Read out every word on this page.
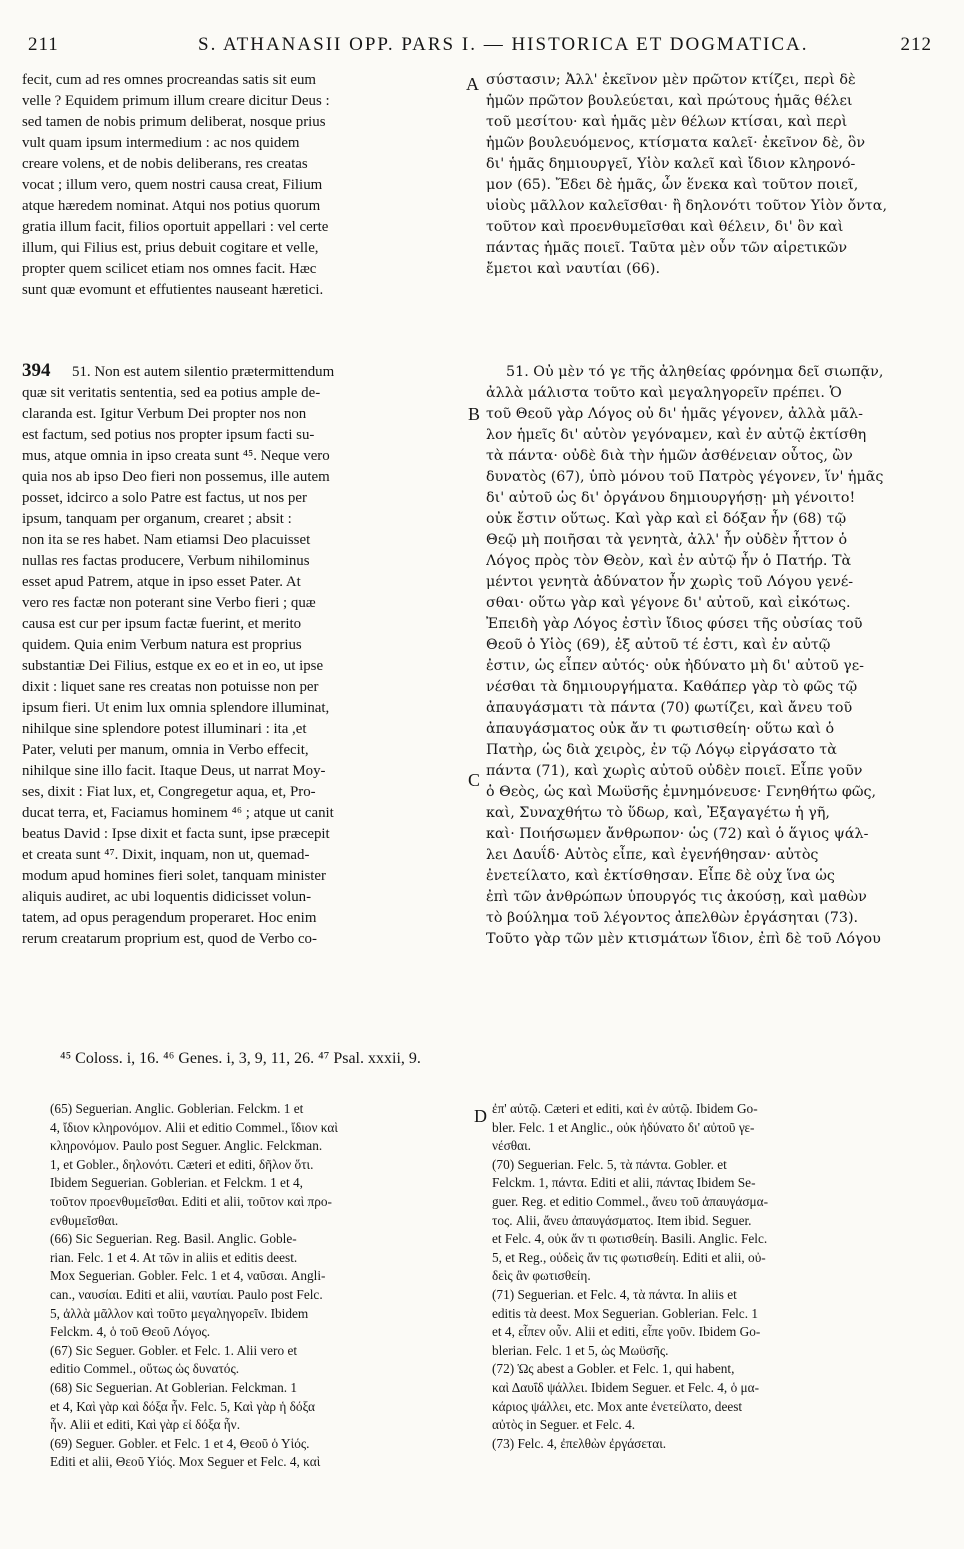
211	S. ATHANASII OPP. PARS I. — HISTORICA ET DOGMATICA.	212
A
B
C
D
fecit, cum ad res omnes procreandas satis sit eum
velle ? Equidem primum illum creare dicitur Deus :
sed tamen de nobis primum deliberat, nosque prius
vult quam ipsum intermedium : ac nos quidem
creare volens, et de nobis deliberans, res creatas
vocat ; illum vero, quem nostri causa creat, Filium
atque hæredem nominat. Atqui nos potius quorum
gratia illum facit, filios oportuit appellari : vel certe
illum, qui Filius est, prius debuit cogitare et velle,
propter quem scilicet etiam nos omnes facit. Hæc
sunt quæ evomunt et effutientes nauseant hæretici.
σύστασιν; Ἀλλ' ἐκεῖνον μὲν πρῶτον κτίζει, περὶ δὲ
ἡμῶν πρῶτον βουλεύεται, καὶ πρώτους ἡμᾶς θέλει
τοῦ μεσίτου· καὶ ἡμᾶς μὲν θέλων κτίσαι, καὶ περὶ
ἡμῶν βουλευόμενος, κτίσματα καλεῖ· ἐκεῖνον δὲ, ὃν
δι' ἡμᾶς δημιουργεῖ, Υἱὸν καλεῖ καὶ ἴδιον κληρονό-
μον (65). Ἔδει δὲ ἡμᾶς, ὧν ἕνεκα καὶ τοῦτον ποιεῖ,
υἱοὺς μᾶλλον καλεῖσθαι· ἢ δηλονότι τοῦτον Υἱὸν ὄντα,
τοῦτον καὶ προενθυμεῖσθαι καὶ θέλειν, δι' ὃν καὶ
πάντας ἡμᾶς ποιεῖ. Ταῦτα μὲν οὖν τῶν αἱρετικῶν
ἔμετοι καὶ ναυτίαι (66).
394	51. Non est autem silentio prætermittendum
quæ sit veritatis sententia, sed ea potius ample de-
claranda est. Igitur Verbum Dei propter nos non
est factum, sed potius nos propter ipsum facti su-
mus, atque omnia in ipso creata sunt ⁴⁵. Neque vero
quia nos ab ipso Deo fieri non possemus, ille autem
posset, idcirco a solo Patre est factus, ut nos per
ipsum, tanquam per organum, crearet ; absit :
non ita se res habet. Nam etiamsi Deo placuisset
nullas res factas producere, Verbum nihilominus
esset apud Patrem, atque in ipso esset Pater. At
vero res factæ non poterant sine Verbo fieri ; quæ
causa est cur per ipsum factæ fuerint, et merito
quidem. Quia enim Verbum natura est proprius
substantiæ Dei Filius, estque ex eo et in eo, ut ipse
dixit : liquet sane res creatas non potuisse non per
ipsum fieri. Ut enim lux omnia splendore illuminat,
nihilque sine splendore potest illuminari : ita ,et
Pater, veluti per manum, omnia in Verbo effecit,
nihilque sine illo facit. Itaque Deus, ut narrat Moy-
ses, dixit : Fiat lux, et, Congregetur aqua, et, Pro-
ducat terra, et, Faciamus hominem ⁴⁶ ; atque ut canit
beatus David : Ipse dixit et facta sunt, ipse præcepit
et creata sunt ⁴⁷. Dixit, inquam, non ut, quemad-
modum apud homines fieri solet, tanquam minister
aliquis audiret, ac ubi loquentis didicisset volun-
tatem, ad opus peragendum properaret. Hoc enim
rerum creatarum proprium est, quod de Verbo co-
51. Οὐ μὲν τό γε τῆς ἀληθείας φρόνημα δεῖ σιωπᾷν,
ἀλλὰ μάλιστα τοῦτο καὶ μεγαληγορεῖν πρέπει. Ὁ
τοῦ Θεοῦ γὰρ Λόγος οὐ δι' ἡμᾶς γέγονεν, ἀλλὰ μᾶλ-
λον ἡμεῖς δι' αὐτὸν γεγόναμεν, καὶ ἐν αὐτῷ ἐκτίσθη
τὰ πάντα· οὐδὲ διὰ τὴν ἡμῶν ἀσθένειαν οὗτος, ὢν
δυνατὸς (67), ὑπὸ μόνου τοῦ Πατρὸς γέγονεν, ἵν' ἡμᾶς
δι' αὐτοῦ ὡς δι' ὀργάνου δημιουργήσῃ· μὴ γένοιτο!
οὐκ ἔστιν οὕτως. Καὶ γὰρ καὶ εἰ δόξαν ἦν (68) τῷ
Θεῷ μὴ ποιῆσαι τὰ γενητὰ, ἀλλ' ἦν οὐδὲν ἧττον ὁ
Λόγος πρὸς τὸν Θεὸν, καὶ ἐν αὐτῷ ἦν ὁ Πατήρ. Τὰ
μέντοι γενητὰ ἀδύνατον ἦν χωρὶς τοῦ Λόγου γενέ-
σθαι· οὕτω γὰρ καὶ γέγονε δι' αὐτοῦ, καὶ εἰκότως.
Ἐπειδὴ γὰρ Λόγος ἐστὶν ἴδιος φύσει τῆς οὐσίας τοῦ
Θεοῦ ὁ Υἱὸς (69), ἐξ αὐτοῦ τέ ἐστι, καὶ ἐν αὐτῷ
ἐστιν, ὡς εἶπεν αὐτός· οὐκ ἠδύνατο μὴ δι' αὐτοῦ γε-
νέσθαι τὰ δημιουργήματα. Καθάπερ γὰρ τὸ φῶς τῷ
ἀπαυγάσματι τὰ πάντα (70) φωτίζει, καὶ ἄνευ τοῦ
ἀπαυγάσματος οὐκ ἄν τι φωτισθείη· οὕτω καὶ ὁ
Πατὴρ, ὡς διὰ χειρὸς, ἐν τῷ Λόγῳ εἰργάσατο τὰ
πάντα (71), καὶ χωρὶς αὐτοῦ οὐδὲν ποιεῖ. Εἶπε γοῦν
ὁ Θεὸς, ὡς καὶ Μωϋσῆς ἐμνημόνευσε· Γενηθήτω φῶς,
καὶ, Συναχθήτω τὸ ὕδωρ, καὶ, Ἐξαγαγέτω ἡ γῆ,
καὶ· Ποιήσωμεν ἄνθρωπον· ὡς (72) καὶ ὁ ἅγιος ψάλ-
λει Δαυΐδ· Αὐτὸς εἶπε, καὶ ἐγενήθησαν· αὐτὸς
ἐνετείλατο, καὶ ἐκτίσθησαν. Εἶπε δὲ οὐχ ἵνα ὡς
ἐπὶ τῶν ἀνθρώπων ὑπουργός τις ἀκούσῃ, καὶ μαθὼν
τὸ βούλημα τοῦ λέγοντος ἀπελθὼν ἐργάσηται (73).
Τοῦτο γὰρ τῶν μὲν κτισμάτων ἴδιον, ἐπὶ δὲ τοῦ Λόγου
⁴⁵ Coloss. i, 16. ⁴⁶ Genes. i, 3, 9, 11, 26. ⁴⁷ Psal. xxxii, 9.
(65) Seguerian. Anglic. Goblerian. Felckm. 1 et
4, ἴδιον κληρονόμον. Alii et editio Commel., ἴδιον καὶ
κληρονόμον. Paulo post Seguer. Anglic. Felckman.
1, et Gobler., δηλονότι. Cæteri et editi, δῆλον ὅτι.
Ibidem Seguerian. Goblerian. et Felckm. 1 et 4,
τοῦτον προενθυμεῖσθαι. Editi et alii, τοῦτον καὶ προ-
ενθυμεῖσθαι.
(66) Sic Seguerian. Reg. Basil. Anglic. Goble-
rian. Felc. 1 et 4. At τῶν in aliis et editis deest.
Mox Seguerian. Gobler. Felc. 1 et 4, ναῦσαι. Angli-
can., ναυσίαι. Editi et alii, ναυτίαι. Paulo post Felc.
5, ἀλλὰ μᾶλλον καὶ τοῦτο μεγαληγορεῖν. Ibidem
Felckm. 4, ὁ τοῦ Θεοῦ Λόγος.
(67) Sic Seguer. Gobler. et Felc. 1. Alii vero et
editio Commel., οὕτως ὡς δυνατός.
(68) Sic Seguerian. At Goblerian. Felckman. 1
et 4, Καὶ γὰρ καὶ δόξα ἦν. Felc. 5, Καὶ γὰρ ἡ δόξα
ἦν. Alii et editi, Καὶ γὰρ εἰ δόξα ἦν.
(69) Seguer. Gobler. et Felc. 1 et 4, Θεοῦ ὁ Υἱός.
Editi et alii, Θεοῦ Υἱός. Mox Seguer et Felc. 4, καὶ
ἐπ' αὐτῷ. Cæteri et editi, καὶ ἐν αὐτῷ. Ibidem Go-
bler. Felc. 1 et Anglic., οὐκ ἠδύνατο δι' αὐτοῦ γε-
νέσθαι.
(70) Seguerian. Felc. 5, τὰ πάντα. Gobler. et
Felckm. 1, πάντα. Editi et alii, πάντας Ibidem Se-
guer. Reg. et editio Commel., ἄνευ τοῦ ἀπαυγάσμα-
τος. Alii, ἄνευ ἀπαυγάσματος. Item ibid. Seguer.
et Felc. 4, οὐκ ἄν τι φωτισθείη. Basili. Anglic. Felc.
5, et Reg., οὐδεὶς ἄν τις φωτισθείη. Editi et alii, οὐ-
δεὶς ἂν φωτισθείη.
(71) Seguerian. et Felc. 4, τὰ πάντα. In aliis et
editis τὰ deest. Mox Seguerian. Goblerian. Felc. 1
et 4, εἶπεν οὖν. Alii et editi, εἶπε γοῦν. Ibidem Go-
blerian. Felc. 1 et 5, ὡς Μωϋσῆς.
(72) Ὡς abest a Gobler. et Felc. 1, qui habent,
καὶ Δαυΐδ ψάλλει. Ibidem Seguer. et Felc. 4, ὁ μα-
κάριος ψάλλει, etc. Mox ante ἐνετείλατο, deest
αὐτὸς in Seguer. et Felc. 4.
(73) Felc. 4, ἐπελθὼν ἐργάσεται.
